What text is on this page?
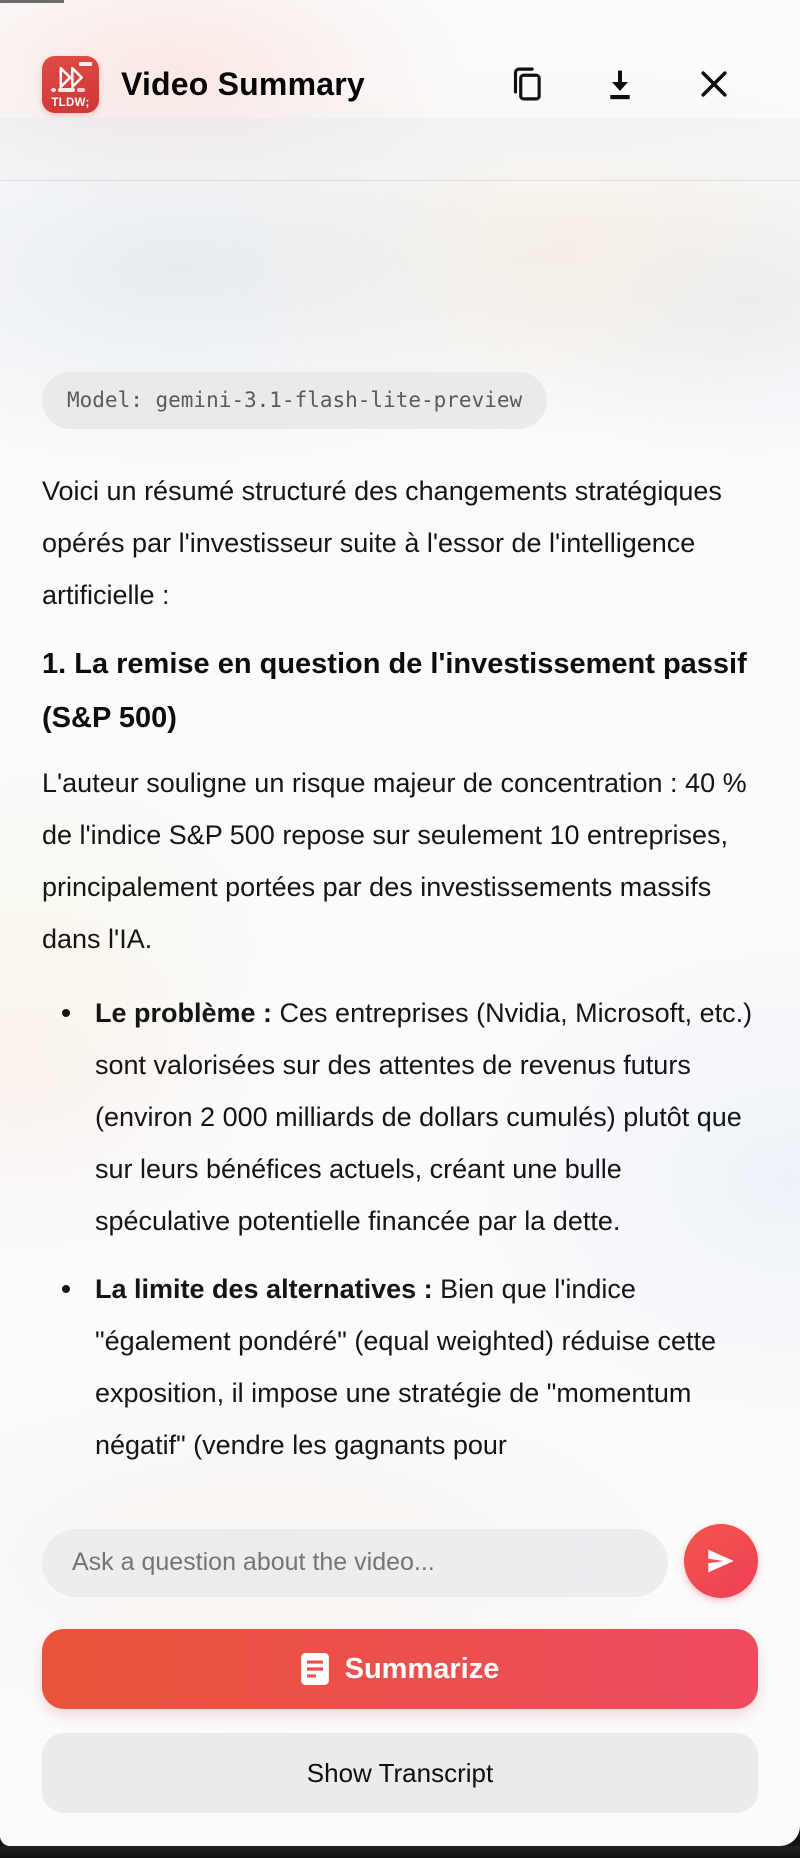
TLDW;
Video Summary
Model: gemini-3.1-flash-lite-preview

Voici un résumé structuré des changements stratégiques opérés par l'investisseur suite à l'essor de l'intelligence artificielle :

1. La remise en question de l'investissement passif (S&P 500)

L'auteur souligne un risque majeur de concentration : 40 % de l'indice S&P 500 repose sur seulement 10 entreprises, principalement portées par des investissements massifs dans l'IA.

Le problème : Ces entreprises (Nvidia, Microsoft, etc.) sont valorisées sur des attentes de revenus futurs (environ 2 000 milliards de dollars cumulés) plutôt que sur leurs bénéfices actuels, créant une bulle spéculative potentielle financée par la dette.
La limite des alternatives : Bien que l'indice "également pondéré" (equal weighted) réduise cette exposition, il impose une stratégie de "momentum négatif" (vendre les gagnants pour
Ask a question about the video...
Summarize
Show Transcript
